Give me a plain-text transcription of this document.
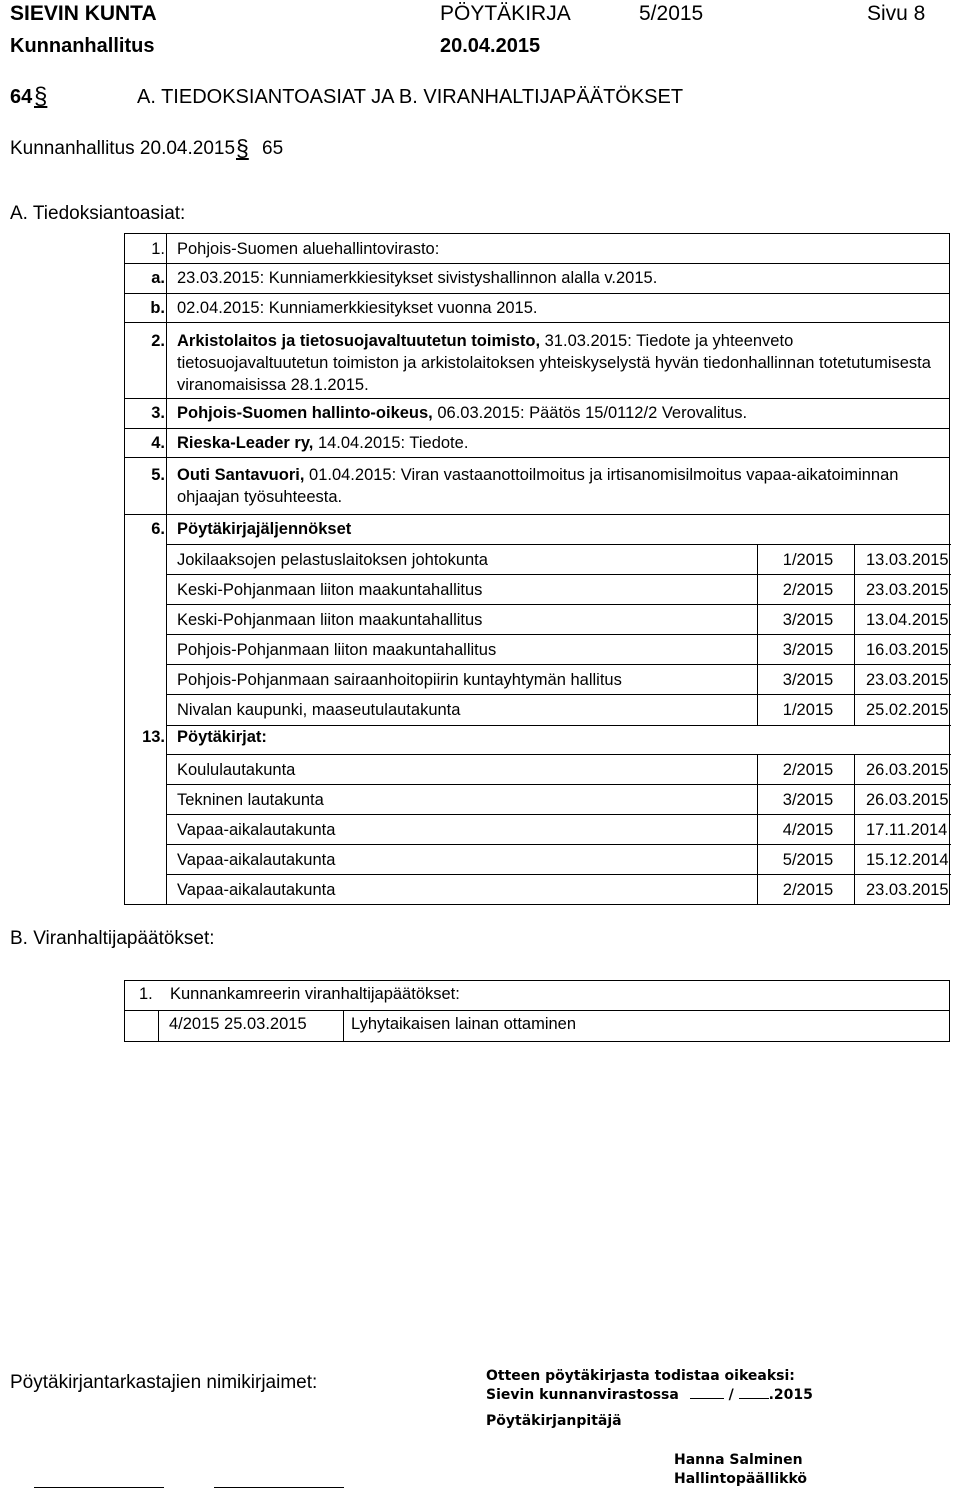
SIEVIN KUNTA	PÖYTÄKIRJA	5/2015	Sivu 8
Kunnanhallitus	20.04.2015
64 §	A. TIEDOKSIANTOASIAT JA B. VIRANHALTIJAPÄÄTÖKSET
Kunnanhallitus 20.04.2015 § 65
A. Tiedoksiantoasiat:
1. Pohjois-Suomen aluehallintovirasto:
a. 23.03.2015: Kunniamerkkiesitykset sivistyshallinnon alalla v.2015.
b. 02.04.2015: Kunniamerkkiesitykset vuonna 2015.
2. Arkistolaitos ja tietosuojavaltuutetun toimisto, 31.03.2015: Tiedote ja yhteenveto tietosuojavaltuutetun toimiston ja arkistolaitoksen yhteiskyselystä hyvän tiedonhallinnan totetutumisesta viranomaisissa 28.1.2015.
3. Pohjois-Suomen hallinto-oikeus, 06.03.2015: Päätös 15/0112/2 Verovalitus.
4. Rieska-Leader ry, 14.04.2015: Tiedote.
5. Outi Santavuori, 01.04.2015: Viran vastaanottoilmoitus ja irtisanomisilmoitus vapaa-aikatoiminnan ohjaajan työsuhteesta.
6. Pöytäkirjajäljennökset
Jokilaaksojen pelastuslaitoksen johtokunta	1/2015	13.03.2015
Keski-Pohjanmaan liiton maakuntahallitus	2/2015	23.03.2015
Keski-Pohjanmaan liiton maakuntahallitus	3/2015	13.04.2015
Pohjois-Pohjanmaan liiton maakuntahallitus	3/2015	16.03.2015
Pohjois-Pohjanmaan sairaanhoitopiirin kuntayhtymän hallitus	3/2015	23.03.2015
Nivalan kaupunki, maaseutulautakunta	1/2015	25.02.2015
13. Pöytäkirjat:
Koululautakunta	2/2015	26.03.2015
Tekninen lautakunta	3/2015	26.03.2015
Vapaa-aikalautakunta	4/2015	17.11.2014
Vapaa-aikalautakunta	5/2015	15.12.2014
Vapaa-aikalautakunta	2/2015	23.03.2015
B. Viranhaltijapäätökset:
1. Kunnankamreerin viranhaltijapäätökset:
4/2015 25.03.2015	Lyhytaikaisen lainan ottaminen
Pöytäkirjantarkastajien nimikirjaimet:	Otteen pöytäkirjasta todistaa oikeaksi:
Sievin kunnanvirastossa	/ .2015
Pöytäkirjanpitäjä
Hanna Salminen
Hallintopäällikkö
